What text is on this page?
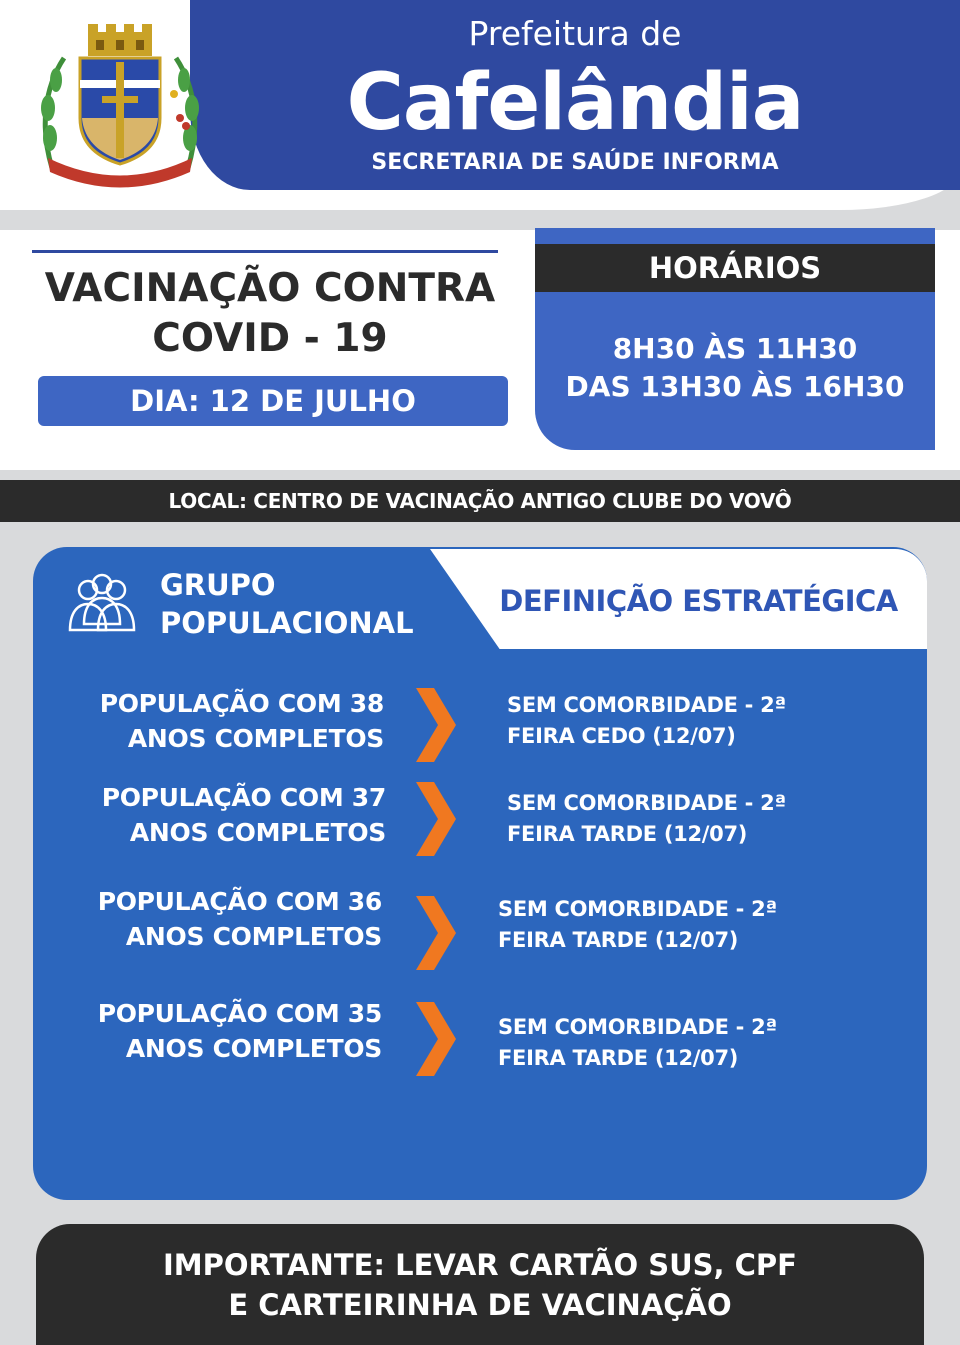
Prefeitura de
Cafelândia
SECRETARIA DE SAÚDE INFORMA
VACINAÇÃO CONTRA
COVID - 19
DIA: 12 DE JULHO
HORÁRIOS
8H30 ÀS 11H30
DAS 13H30 ÀS 16H30
LOCAL: CENTRO DE VACINAÇÃO ANTIGO CLUBE DO VOVÔ
GRUPO
POPULACIONAL
DEFINIÇÃO ESTRATÉGICA
POPULAÇÃO COM 38
ANOS COMPLETOS
SEM COMORBIDADE - 2ª
FEIRA CEDO (12/07)
POPULAÇÃO COM 37
ANOS COMPLETOS
SEM COMORBIDADE - 2ª
FEIRA TARDE (12/07)
POPULAÇÃO COM 36
ANOS COMPLETOS
SEM COMORBIDADE - 2ª
FEIRA TARDE (12/07)
POPULAÇÃO COM 35
ANOS COMPLETOS
SEM COMORBIDADE - 2ª
FEIRA TARDE (12/07)
IMPORTANTE: LEVAR CARTÃO SUS, CPF
E CARTEIRINHA DE VACINAÇÃO
